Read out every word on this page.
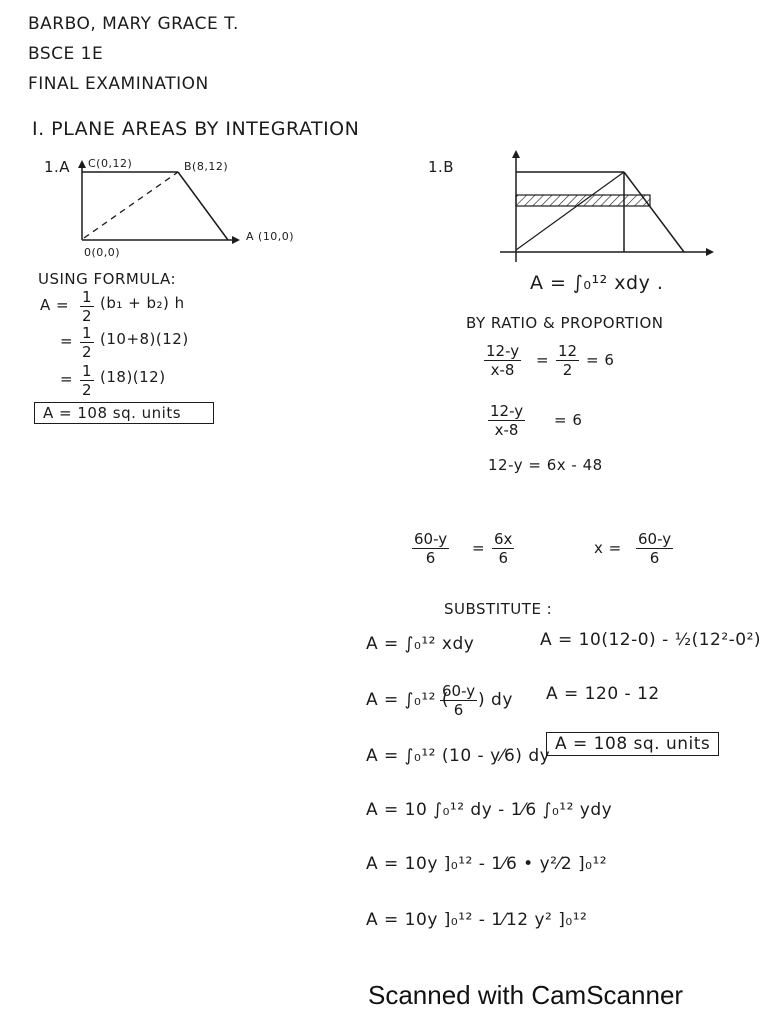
BARBO, MARY GRACE T.
BSCE 1E
FINAL EXAMINATION
I. PLANE AREAS BY INTEGRATION
1.A C(0,12)	B(8,12)
A (10,0)
0(0,0)
USING FORMULA:
$A = \frac{1}{2} (b_1 + b_2)$ h
= $\frac{1}{2} (10+8)(12)$
= $\frac{1}{2} (18)(12)$
A = 108 sq. units
1.B
A = ∫₀¹² xdy .
BY RATIO & PROPORTION
$\frac{12-y}{x-8} = \frac{12}{2} = 6$
$\frac{12-y}{x-8} = 6$
12-y = 6x - 48
$\frac{60-y}{6} = \frac{6x}{6}$	$x = \frac{60-y}{6}$
SUBSTITUTE :
A = ∫₀¹² xdy
A = ∫₀¹² (
$\frac{60-y}{6}$ ) dy
A = ∫₀¹² (10 - y⁄6) dy
A = 10 ∫₀¹² dy - 1⁄6 ∫₀¹² ydy
A = 10y ]₀¹² - 1⁄6 • y²⁄2 ]₀¹²
A = 10y ]₀¹² - 1⁄12 y² ]₀¹²
A = 10(12-0) - ½(12²-0²)
A = 120 - 12
A = 108 sq. units
Scanned with CamScanner
